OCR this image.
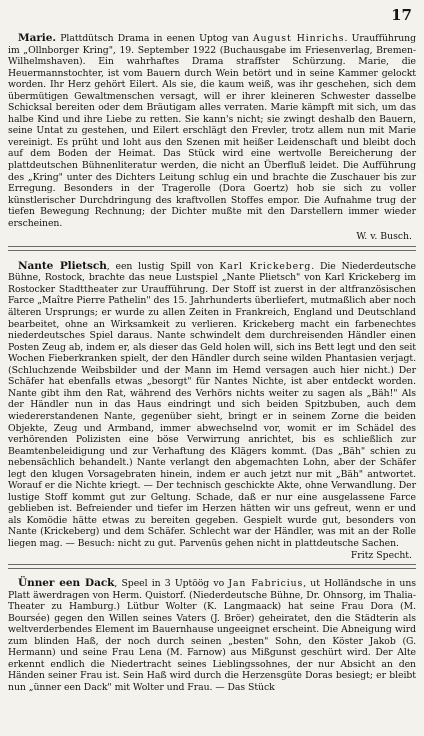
17

Marie. Plattdütsch Drama in eenen Uptog van August Hinrichs. Uraufführung im „Ollnborger Kring", 19. September 1922 (Buchausgabe im Friesenverlag, Bremen-Wilhelmshaven). Ein wahrhaftes Drama straffster Schürzung. Marie, die Heuermannstochter, ist vom Bauern durch Wein betört und in seine Kammer gelockt worden. Ihr Herz gehört Eilert. Als sie, die kaum weiß, was ihr geschehen, sich dem übermütigen Gewaltmenschen versagt, will er ihrer kleineren Schwester dasselbe Schicksal bereiten oder dem Bräutigam alles verraten. Marie kämpft mit sich, um das halbe Kind und ihre Liebe zu retten. Sie kann's nicht; sie zwingt deshalb den Bauern, seine Untat zu gestehen, und Eilert erschlägt den Frevler, trotz allem nun mit Marie vereinigt. Es prüht und loht aus den Szenen mit heißer Leidenschaft und bleibt doch auf dem Boden der Heimat. Das Stück wird eine wertvolle Bereicherung der plattdeutschen Bühnenliteratur werden, die nicht an Überfluß leidet. Die Aufführung des „Kring" unter des Dichters Leitung schlug ein und brachte die Zuschauer bis zur Erregung. Besonders in der Tragerolle (Dora Goertz) hob sie sich zu voller künstlerischer Durchdringung des kraftvollen Stoffes empor. Die Aufnahme trug der tiefen Bewegung Rechnung; der Dichter mußte mit den Darstellern immer wieder erscheinen.

W. v. Busch.

Nante Plietsch, een lustig Spill von Karl Krickeberg. Die Niederdeutsche Bühne, Rostock, brachte das neue Lustspiel „Nante Plietsch" von Karl Krickeberg im Rostocker Stadttheater zur Uraufführung. Der Stoff ist zuerst in der altfranzösischen Farce „Maître Pierre Pathelin" des 15. Jahrhunderts überliefert, mutmaßlich aber noch älteren Ursprungs; er wurde zu allen Zeiten in Frankreich, England und Deutschland bearbeitet, ohne an Wirksamkeit zu verlieren. Krickeberg macht ein farbenechtes niederdeutsches Spiel daraus. Nante schwindelt dem durchreisenden Händler einen Posten Zeug ab, indem er, als dieser das Geld holen will, sich ins Bett legt und den seit Wochen Fieberkranken spielt, der den Händler durch seine wilden Phantasien verjagt. (Schluchzende Weibsbilder und der Mann im Hemd versagen auch hier nicht.) Der Schäfer hat ebenfalls etwas „besorgt" für Nantes Nichte, ist aber entdeckt worden. Nante gibt ihm den Rat, während des Verhörs nichts weiter zu sagen als „Bäh!" Als der Händler nun in das Haus eindringt und sich beiden Spitzbuben, auch dem wiedererstandenen Nante, gegenüber sieht, bringt er in seinem Zorne die beiden Objekte, Zeug und Armband, immer abwechselnd vor, womit er im Schädel des verhörenden Polizisten eine böse Verwirrung anrichtet, bis es schließlich zur Beamtenbeleidigung und zur Verhaftung des Klägers kommt. (Das „Bäh" schien zu nebensächlich behandelt.) Nante verlangt den abgemachten Lohn, aber der Schäfer legt den klugen Vorsagebraten hinein, indem er auch jetzt nur mit „Bäh" antwortet. Worauf er die Nichte kriegt. — Der technisch geschickte Akte, ohne Verwandlung. Der lustige Stoff kommt gut zur Geltung. Schade, daß er nur eine ausgelassene Farce geblieben ist. Befreiender und tiefer im Herzen hätten wir uns gefreut, wenn er und als Komödie hätte etwas zu bereiten gegeben. Gespielt wurde gut, besonders von Nante (Krickeberg) und dem Schäfer. Schlecht war der Händler, was mit an der Rolle liegen mag. — Besuch: nicht zu gut. Parvenüs gehen nicht in plattdeutsche Sachen.

Fritz Specht.

Ünner een Dack, Speel in 3 Uptöög vo Jan Fabricius, ut Holländsche in uns Platt äwerdragen von Herm. Quistorf. (Niederdeutsche Bühne, Dr. Ohnsorg, im Thalia-Theater zu Hamburg.) Lütbur Wolter (K. Langmaack) hat seine Frau Dora (M. Boursée) gegen den Willen seines Vaters (J. Bröer) geheiratet, den die Städterin als weltverderbendes Element im Bauernhause ungeeignet erscheint. Die Abneigung wird zum blinden Haß, der noch durch seinen „besten" Sohn, den Köster Jakob (G. Hermann) und seine Frau Lena (M. Farnow) aus Mißgunst geschürt wird. Der Alte erkennt endlich die Niedertracht seines Lieblingssohnes, der nur Absicht an den Händen seiner Frau ist. Sein Haß wird durch die Herzensgüte Doras besiegt; er bleibt nun „ünner een Dack" mit Wolter und Frau. — Das Stück
